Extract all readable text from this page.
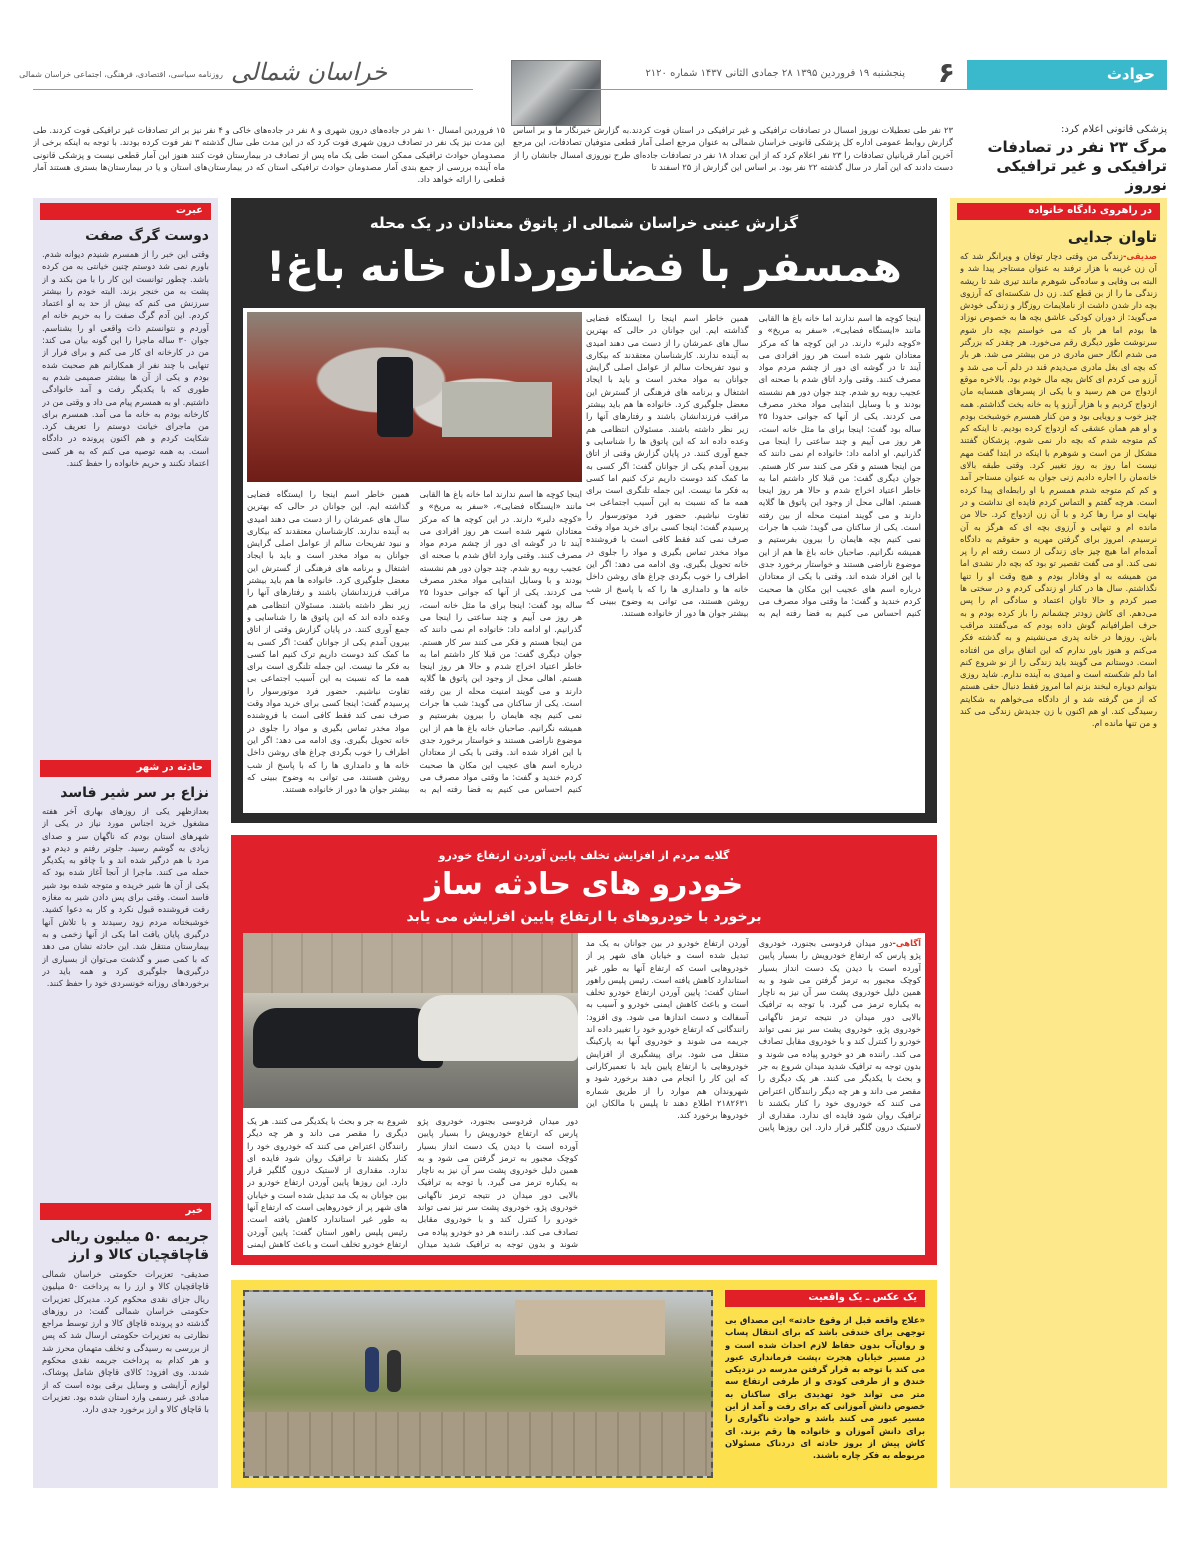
حوادث
۶
پنجشنبه ۱۹ فروردین ۱۳۹۵ ۲۸ جمادی الثانی ۱۴۳۷ شماره ۲۱۲۰
خراسان شمالی
روزنامه سیاسی، اقتصادی، فرهنگی، اجتماعی خراسان شمالی
پزشکی قانونی اعلام کرد:
مرگ ۲۳ نفر در تصادفات ترافیکی و غیر ترافیکی نوروز
۲۳ نفر طی تعطیلات نوروز امسال در تصادفات ترافیکی و غیر ترافیکی در استان فوت کردند.به گزارش خبرنگار ما و بر اساس گزارش روابط عمومی اداره کل پزشکی قانونی خراسان شمالی به عنوان مرجع اصلی آمار قطعی متوفیان تصادفات، این مرجع آخرین آمار قربانیان تصادفات را ۲۳ نفر اعلام کرد که از این تعداد ۱۸ نفر در تصادفات جاده‌ای طرح نوروزی امسال جانشان را از دست دادند که این آمار در سال گذشته ۲۲ نفر بود. بر اساس این گزارش از ۲۵ اسفند تا
۱۵ فروردین امسال ۱۰ نفر در جاده‌های درون شهری و ۸ نفر در جاده‌های خاکی و ۴ نفر نیز بر اثر تصادفات غیر ترافیکی فوت کردند. طی این مدت نیز یک نفر در تصادف درون شهری فوت کرد که در این مدت طی سال گذشته ۳ نفر فوت کرده بودند. با توجه به اینکه برخی از مصدومان حوادث ترافیکی ممکن است طی یک ماه پس از تصادف در بیمارستان فوت کنند هنوز این آمار قطعی نیست و پزشکی قانونی ماه آینده بررسی از جمع بندی آمار مصدومان حوادث ترافیکی استان که در بیمارستان‌های استان و یا در بیمارستان‌ها بستری هستند آمار قطعی را ارائه خواهد داد.
در راهروی دادگاه خانواده
تاوان جدایی
صدیقی-زندگی من وقتی دچار توفان و ویرانگر شد که آن زن غریبه با هزار ترفند به عنوان مستاجر پیدا شد و البته بی وفایی و ساده‌گی شوهرم مانند تیری شد تا ریشه زندگی ما را از بن قطع کند. زن دل شکسته‌ای که آرزوی بچه دار شدن داشت از ناملایمات روزگار و زندگی خودش می‌گوید: از دوران کودکی عاشق بچه ها به خصوص نوزاد ها بودم اما هر بار که می خواستم بچه دار شوم سرنوشت طور دیگری رقم می‌خورد. هر چقدر که بزرگتر می شدم انگار حس مادری در من بیشتر می شد. هر بار که بچه ای بغل مادری می‌دیدم قند در دلم آب می شد و آرزو می کردم ای کاش بچه مال خودم بود. بالاخره موقع ازدواج من هم رسید و با یکی از پسرهای همسایه مان ازدواج کردیم و با هزار آرزو پا به خانه بخت گذاشتم. همه چیز خوب و رویایی بود و من کنار همسرم خوشبخت بودم و او هم همان عشقی که ازدواج کرده بودیم. تا اینکه کم کم متوجه شدم که بچه دار نمی شوم. پزشکان گفتند مشکل از من است و شوهرم با اینکه در ابتدا گفت مهم نیست اما روز به روز تغییر کرد. وقتی طبقه بالای خانه‌مان را اجاره دادیم زنی جوان به عنوان مستاجر آمد و کم کم متوجه شدم همسرم با او رابطه‌ای پیدا کرده است. هرچه گفتم و التماس کردم فایده ای نداشت و در نهایت او مرا رها کرد و با آن زن ازدواج کرد. حالا من مانده ام و تنهایی و آرزوی بچه ای که هرگز به آن نرسیدم. امروز برای گرفتن مهریه و حقوقم به دادگاه آمده‌ام اما هیچ چیز جای زندگی از دست رفته ام را پر نمی کند. او می گفت تقصیر تو بود که بچه دار نشدی اما من همیشه به او وفادار بودم و هیچ وقت او را تنها نگذاشتم. سال ها در کنار او زندگی کردم و در سختی ها صبر کردم و حالا تاوان اعتماد و سادگی ام را پس می‌دهم. ای کاش زودتر چشمانم را باز کرده بودم و به حرف اطرافیانم گوش داده بودم که می‌گفتند مراقب باش. روزها در خانه پدری می‌نشینم و به گذشته فکر می‌کنم و هنوز باور ندارم که این اتفاق برای من افتاده است. دوستانم می گویند باید زندگی را از نو شروع کنم اما دلم شکسته است و امیدی به آینده ندارم. شاید روزی بتوانم دوباره لبخند بزنم اما امروز فقط دنبال حقی هستم که از من گرفته شد و از دادگاه می‌خواهم به شکایتم رسیدگی کند. او هم اکنون با زن جدیدش زندگی می کند و من تنها مانده ام.
عبرت
دوست گرگ صفت
وقتی این خبر را از همسرم شنیدم دیوانه شدم. باورم نمی شد دوستم چنین خیانتی به من کرده باشد. چطور توانست این کار را با من بکند و از پشت به من خنجر بزند. البته خودم را بیشتر سرزنش می کنم که بیش از حد به او اعتماد کردم. این آدم گرگ صفت را به حریم خانه ام آوردم و نتوانستم ذات واقعی او را بشناسم. جوان ۳۰ ساله ماجرا را این گونه بیان می کند: من در کارخانه ای کار می کنم و برای فرار از تنهایی با چند نفر از همکارانم هم صحبت شده بودم و یکی از آن ها بیشتر صمیمی شدم به طوری که با یکدیگر رفت و آمد خانوادگی داشتیم. او به همسرم پیام می داد و وقتی من در کارخانه بودم به خانه ما می آمد. همسرم برای من ماجرای خیانت دوستم را تعریف کرد. شکایت کردم و هم اکنون پرونده در دادگاه است. به همه توصیه می کنم که به هر کسی اعتماد نکنند و حریم خانواده را حفظ کنند.
حادثه در شهر
نزاع بر سر شیر فاسد
بعدازظهر یکی از روزهای بهاری آخر هفته مشغول خرید اجناس مورد نیاز در یکی از شهرهای استان بودم که ناگهان سر و صدای زیادی به گوشم رسید. جلوتر رفتم و دیدم دو مرد با هم درگیر شده اند و با چاقو به یکدیگر حمله می کنند. ماجرا از آنجا آغاز شده بود که یکی از آن ها شیر خریده و متوجه شده بود شیر فاسد است. وقتی برای پس دادن شیر به مغازه رفت فروشنده قبول نکرد و کار به دعوا کشید. خوشبختانه مردم زود رسیدند و با تلاش آنها درگیری پایان یافت اما یکی از آنها زخمی و به بیمارستان منتقل شد. این حادثه نشان می دهد که با کمی صبر و گذشت می‌توان از بسیاری از درگیری‌ها جلوگیری کرد و همه باید در برخوردهای روزانه خونسردی خود را حفظ کنند.
خبر
جریمه ۵۰ میلیون ریالی قاچاقچیان کالا و ارز
صدیقی- تعزیرات حکومتی خراسان شمالی قاچاقچیان کالا و ارز را به پرداخت ۵۰ میلیون ریال جزای نقدی محکوم کرد. مدیرکل تعزیرات حکومتی خراسان شمالی گفت: در روزهای گذشته دو پرونده قاچاق کالا و ارز توسط مراجع نظارتی به تعزیرات حکومتی ارسال شد که پس از بررسی به رسیدگی و تخلف متهمان محرز شد و هر کدام به پرداخت جریمه نقدی محکوم شدند. وی افزود: کالای قاچاق شامل پوشاک، لوازم آرایشی و وسایل برقی بوده است که از مبادی غیر رسمی وارد استان شده بود. تعزیرات با قاچاق کالا و ارز برخورد جدی دارد.
گزارش عینی خراسان شمالی از پاتوق معتادان در یک محله
همسفر با فضانوردان خانه باغ!
اینجا کوچه ها اسم ندارند اما خانه باغ ها القابی مانند «ایستگاه فضایی»، «سفر به مریخ» و «کوچه دلبر» دارند. در این کوچه ها که مرکز معتادان شهر شده است هر روز افرادی می آیند تا در گوشه ای دور از چشم مردم مواد مصرف کنند. وقتی وارد اتاق شدم با صحنه ای عجیب روبه رو شدم. چند جوان دور هم نشسته بودند و با وسایل ابتدایی مواد مخدر مصرف می کردند. یکی از آنها که جوانی حدودا ۲۵ ساله بود گفت: اینجا برای ما مثل خانه است، هر روز می آییم و چند ساعتی را اینجا می گذرانیم. او ادامه داد: خانواده ام نمی دانند که من اینجا هستم و فکر می کنند سر کار هستم. جوان دیگری گفت: من قبلا کار داشتم اما به خاطر اعتیاد اخراج شدم و حالا هر روز اینجا هستم. اهالی محل از وجود این پاتوق ها گلایه دارند و می گویند امنیت محله از بین رفته است. یکی از ساکنان می گوید: شب ها جرات نمی کنیم بچه هایمان را بیرون بفرستیم و همیشه نگرانیم. صاحبان خانه باغ ها هم از این موضوع ناراضی هستند و خواستار برخورد جدی با این افراد شده اند. وقتی با یکی از معتادان درباره اسم های عجیب این مکان ها صحبت کردم خندید و گفت: ما وقتی مواد مصرف می کنیم احساس می کنیم به فضا رفته ایم به همین خاطر اسم اینجا را ایستگاه فضایی گذاشته ایم. این جوانان در حالی که بهترین سال های عمرشان را از دست می دهند امیدی به آینده ندارند. کارشناسان معتقدند که بیکاری و نبود تفریحات سالم از عوامل اصلی گرایش جوانان به مواد مخدر است و باید با ایجاد اشتغال و برنامه های فرهنگی از گسترش این معضل جلوگیری کرد. خانواده ها هم باید بیشتر مراقب فرزندانشان باشند و رفتارهای آنها را زیر نظر داشته باشند. مسئولان انتظامی هم وعده داده اند که این پاتوق ها را شناسایی و جمع آوری کنند. در پایان گزارش وقتی از اتاق بیرون آمدم یکی از جوانان گفت: اگر کسی به ما کمک کند دوست داریم ترک کنیم اما کسی به فکر ما نیست. این جمله تلنگری است برای همه ما که نسبت به این آسیب اجتماعی بی تفاوت نباشیم. حضور فرد موتورسوار را پرسیدم گفت: اینجا کسی برای خرید مواد وقت صرف نمی کند فقط کافی است با فروشنده مواد مخدر تماس بگیری و مواد را جلوی در خانه تحویل بگیری. وی ادامه می دهد: اگر این اطراف را خوب بگردی چراغ های روشن داخل خانه ها و دامداری ها را که با پاسخ از شب روشن هستند، می توانی به وضوح ببینی که بیشتر جوان ها دور از خانواده هستند.
اینجا کوچه ها اسم ندارند اما خانه باغ ها القابی مانند «ایستگاه فضایی»، «سفر به مریخ» و «کوچه دلبر» دارند. در این کوچه ها که مرکز معتادان شهر شده است هر روز افرادی می آیند تا در گوشه ای دور از چشم مردم مواد مصرف کنند. وقتی وارد اتاق شدم با صحنه ای عجیب روبه رو شدم. چند جوان دور هم نشسته بودند و با وسایل ابتدایی مواد مخدر مصرف می کردند. یکی از آنها که جوانی حدودا ۲۵ ساله بود گفت: اینجا برای ما مثل خانه است، هر روز می آییم و چند ساعتی را اینجا می گذرانیم. او ادامه داد: خانواده ام نمی دانند که من اینجا هستم و فکر می کنند سر کار هستم. جوان دیگری گفت: من قبلا کار داشتم اما به خاطر اعتیاد اخراج شدم و حالا هر روز اینجا هستم. اهالی محل از وجود این پاتوق ها گلایه دارند و می گویند امنیت محله از بین رفته است. یکی از ساکنان می گوید: شب ها جرات نمی کنیم بچه هایمان را بیرون بفرستیم و همیشه نگرانیم. صاحبان خانه باغ ها هم از این موضوع ناراضی هستند و خواستار برخورد جدی با این افراد شده اند. وقتی با یکی از معتادان درباره اسم های عجیب این مکان ها صحبت کردم خندید و گفت: ما وقتی مواد مصرف می کنیم احساس می کنیم به فضا رفته ایم به همین خاطر اسم اینجا را ایستگاه فضایی گذاشته ایم. این جوانان در حالی که بهترین سال های عمرشان را از دست می دهند امیدی به آینده ندارند. کارشناسان معتقدند که بیکاری و نبود تفریحات سالم از عوامل اصلی گرایش جوانان به مواد مخدر است و باید با ایجاد اشتغال و برنامه های فرهنگی از گسترش این معضل جلوگیری کرد. خانواده ها هم باید بیشتر مراقب فرزندانشان باشند و رفتارهای آنها را زیر نظر داشته باشند. مسئولان انتظامی هم وعده داده اند که این پاتوق ها را شناسایی و جمع آوری کنند. در پایان گزارش وقتی از اتاق بیرون آمدم یکی از جوانان گفت: اگر کسی به ما کمک کند دوست داریم ترک کنیم اما کسی به فکر ما نیست. این جمله تلنگری است برای همه ما که نسبت به این آسیب اجتماعی بی تفاوت نباشیم. حضور فرد موتورسوار را پرسیدم گفت: اینجا کسی برای خرید مواد وقت صرف نمی کند فقط کافی است با فروشنده مواد مخدر تماس بگیری و مواد را جلوی در خانه تحویل بگیری. وی ادامه می دهد: اگر این اطراف را خوب بگردی چراغ های روشن داخل خانه ها و دامداری ها را که با پاسخ از شب روشن هستند، می توانی به وضوح ببینی که بیشتر جوان ها دور از خانواده هستند.
گلایه مردم از افزایش تخلف پایین آوردن ارتفاع خودرو
خودرو های حادثه ساز
برخورد با خودروهای با ارتفاع پایین افزایش می یابد
آگاهی-دور میدان فردوسی بجنورد، خودروی پژو پارس که ارتفاع خودرویش را بسیار پایین آورده است با دیدن یک دست انداز بسیار کوچک مجبور به ترمز گرفتن می شود و به همین دلیل خودروی پشت سر آن نیز به ناچار به یکباره ترمز می گیرد. با توجه به ترافیک بالایی دور میدان در نتیجه ترمز ناگهانی خودروی پژو، خودروی پشت سر نیز نمی تواند خودرو را کنترل کند و با خودروی مقابل تصادف می کند. راننده هر دو خودرو پیاده می شوند و بدون توجه به ترافیک شدید میدان شروع به جر و بحث با یکدیگر می کنند. هر یک دیگری را مقصر می داند و هر چه دیگر رانندگان اعتراض می کنند که خودروی خود را کنار بکشند تا ترافیک روان شود فایده ای ندارد. مقداری از لاستیک درون گلگیر قرار دارد. این روزها پایین آوردن ارتفاع خودرو در بین جوانان به یک مد تبدیل شده است و خیابان های شهر پر از خودروهایی است که ارتفاع آنها به طور غیر استاندارد کاهش یافته است. رئیس پلیس راهور استان گفت: پایین آوردن ارتفاع خودرو تخلف است و باعث کاهش ایمنی خودرو و آسیب به آسفالت و دست اندازها می شود. وی افزود: رانندگانی که ارتفاع خودرو خود را تغییر داده اند جریمه می شوند و خودروی آنها به پارکینگ منتقل می شود. برای پیشگیری از افزایش خودروهایی با ارتفاع پایین باید با تعمیرکارانی که این کار را انجام می دهند برخورد شود و شهروندان هم موارد را از طریق شماره ۲۱۸۲۶۳۱ اطلاع دهند تا پلیس با مالکان این خودروها برخورد کند.
دور میدان فردوسی بجنورد، خودروی پژو پارس که ارتفاع خودرویش را بسیار پایین آورده است با دیدن یک دست انداز بسیار کوچک مجبور به ترمز گرفتن می شود و به همین دلیل خودروی پشت سر آن نیز به ناچار به یکباره ترمز می گیرد. با توجه به ترافیک بالایی دور میدان در نتیجه ترمز ناگهانی خودروی پژو، خودروی پشت سر نیز نمی تواند خودرو را کنترل کند و با خودروی مقابل تصادف می کند. راننده هر دو خودرو پیاده می شوند و بدون توجه به ترافیک شدید میدان شروع به جر و بحث با یکدیگر می کنند. هر یک دیگری را مقصر می داند و هر چه دیگر رانندگان اعتراض می کنند که خودروی خود را کنار بکشند تا ترافیک روان شود فایده ای ندارد. مقداری از لاستیک درون گلگیر قرار دارد. این روزها پایین آوردن ارتفاع خودرو در بین جوانان به یک مد تبدیل شده است و خیابان های شهر پر از خودروهایی است که ارتفاع آنها به طور غیر استاندارد کاهش یافته است. رئیس پلیس راهور استان گفت: پایین آوردن ارتفاع خودرو تخلف است و باعث کاهش ایمنی
یک عکس ـ یک واقعیت
«علاج واقعه قبل از وقوع حادثه» این مصداق بی توجهی برای خندقی باشد که برای انتقال پساب و روان‌آب بدون حفاظ لازم احداث شده است و در مسیر خیابان هجرت ،پشت فرمانداری عبور می کند با توجه به قرار گرفتن مدرسه در نزدیکی خندق و از طرفی کودی و از طرفی ارتفاع سه متر می تواند خود تهدیدی برای ساکنان به خصوص دانش آموزانی که برای رفت و آمد از این مسیر عبور می کنند باشد و حوادث ناگواری را برای دانش آموزان و خانواده ها رقم بزند. ای کاش پیش از بروز حادثه ای دردناک مسئولان مربوطه به فکر چاره باشند.
